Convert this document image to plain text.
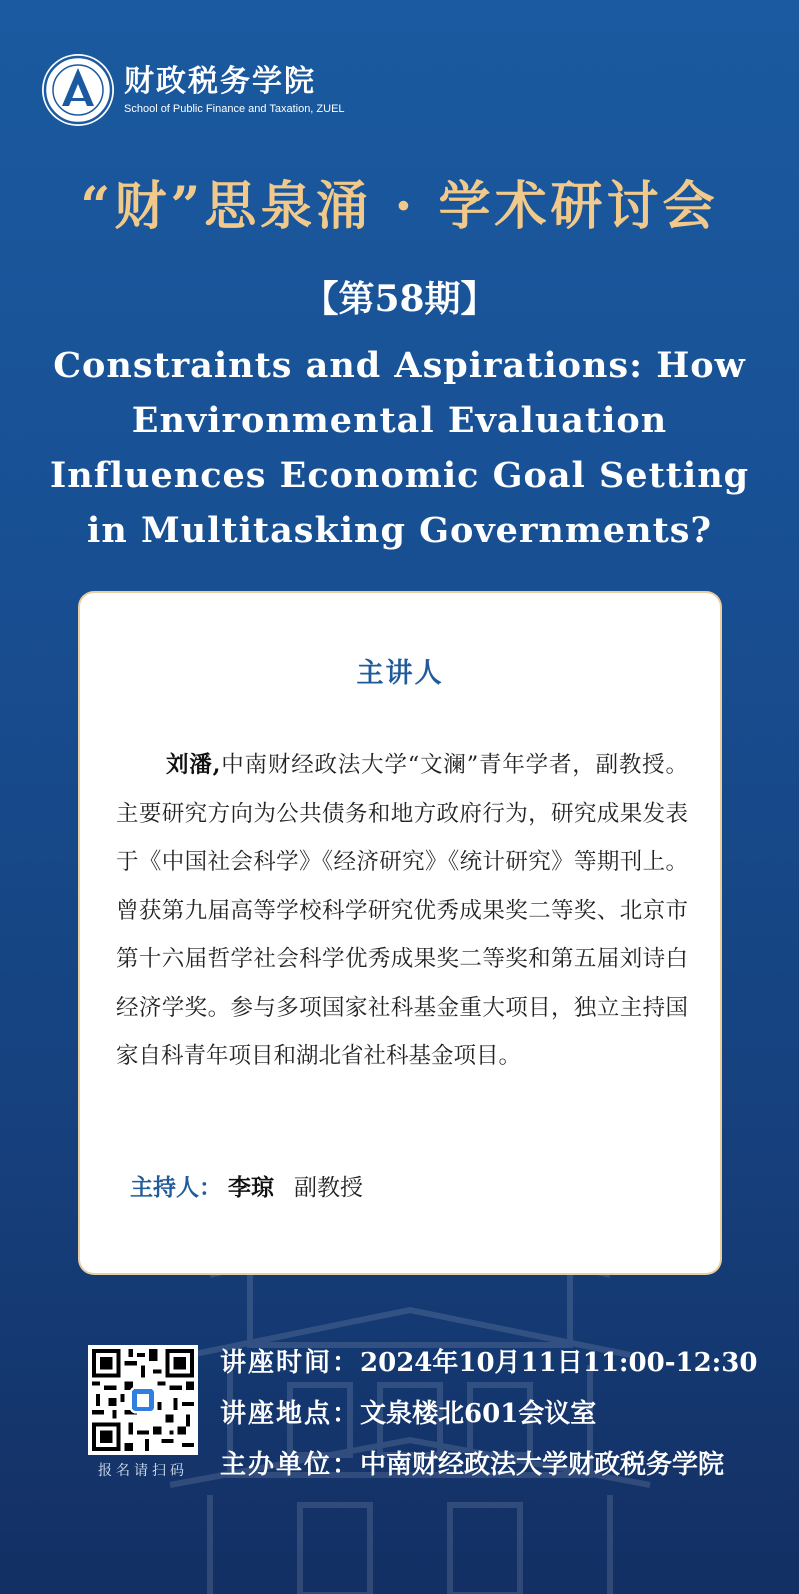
财政税务学院
School of Public Finance and Taxation, ZUEL
“财”思泉涌 · 学术研讨会
【第58期】
Constraints and Aspirations: How
Environmental Evaluation
Influences Economic Goal Setting
in Multitasking Governments?
主讲人

刘潘,中南财经政法大学“文澜”青年学者，副教授。主要研究方向为公共债务和地方政府行为，研究成果发表于《中国社会科学》《经济研究》《统计研究》等期刊上。曾获第九届高等学校科学研究优秀成果奖二等奖、北京市第十六届哲学社会科学优秀成果奖二等奖和第五届刘诗白经济学奖。参与多项国家社科基金重大项目，独立主持国家自科青年项目和湖北省社科基金项目。

主持人： 李琼 副教授
报名请扫码
讲座时间：2024年10月11日11:00-12:30
讲座地点：文泉楼北601会议室
主办单位：中南财经政法大学财政税务学院
